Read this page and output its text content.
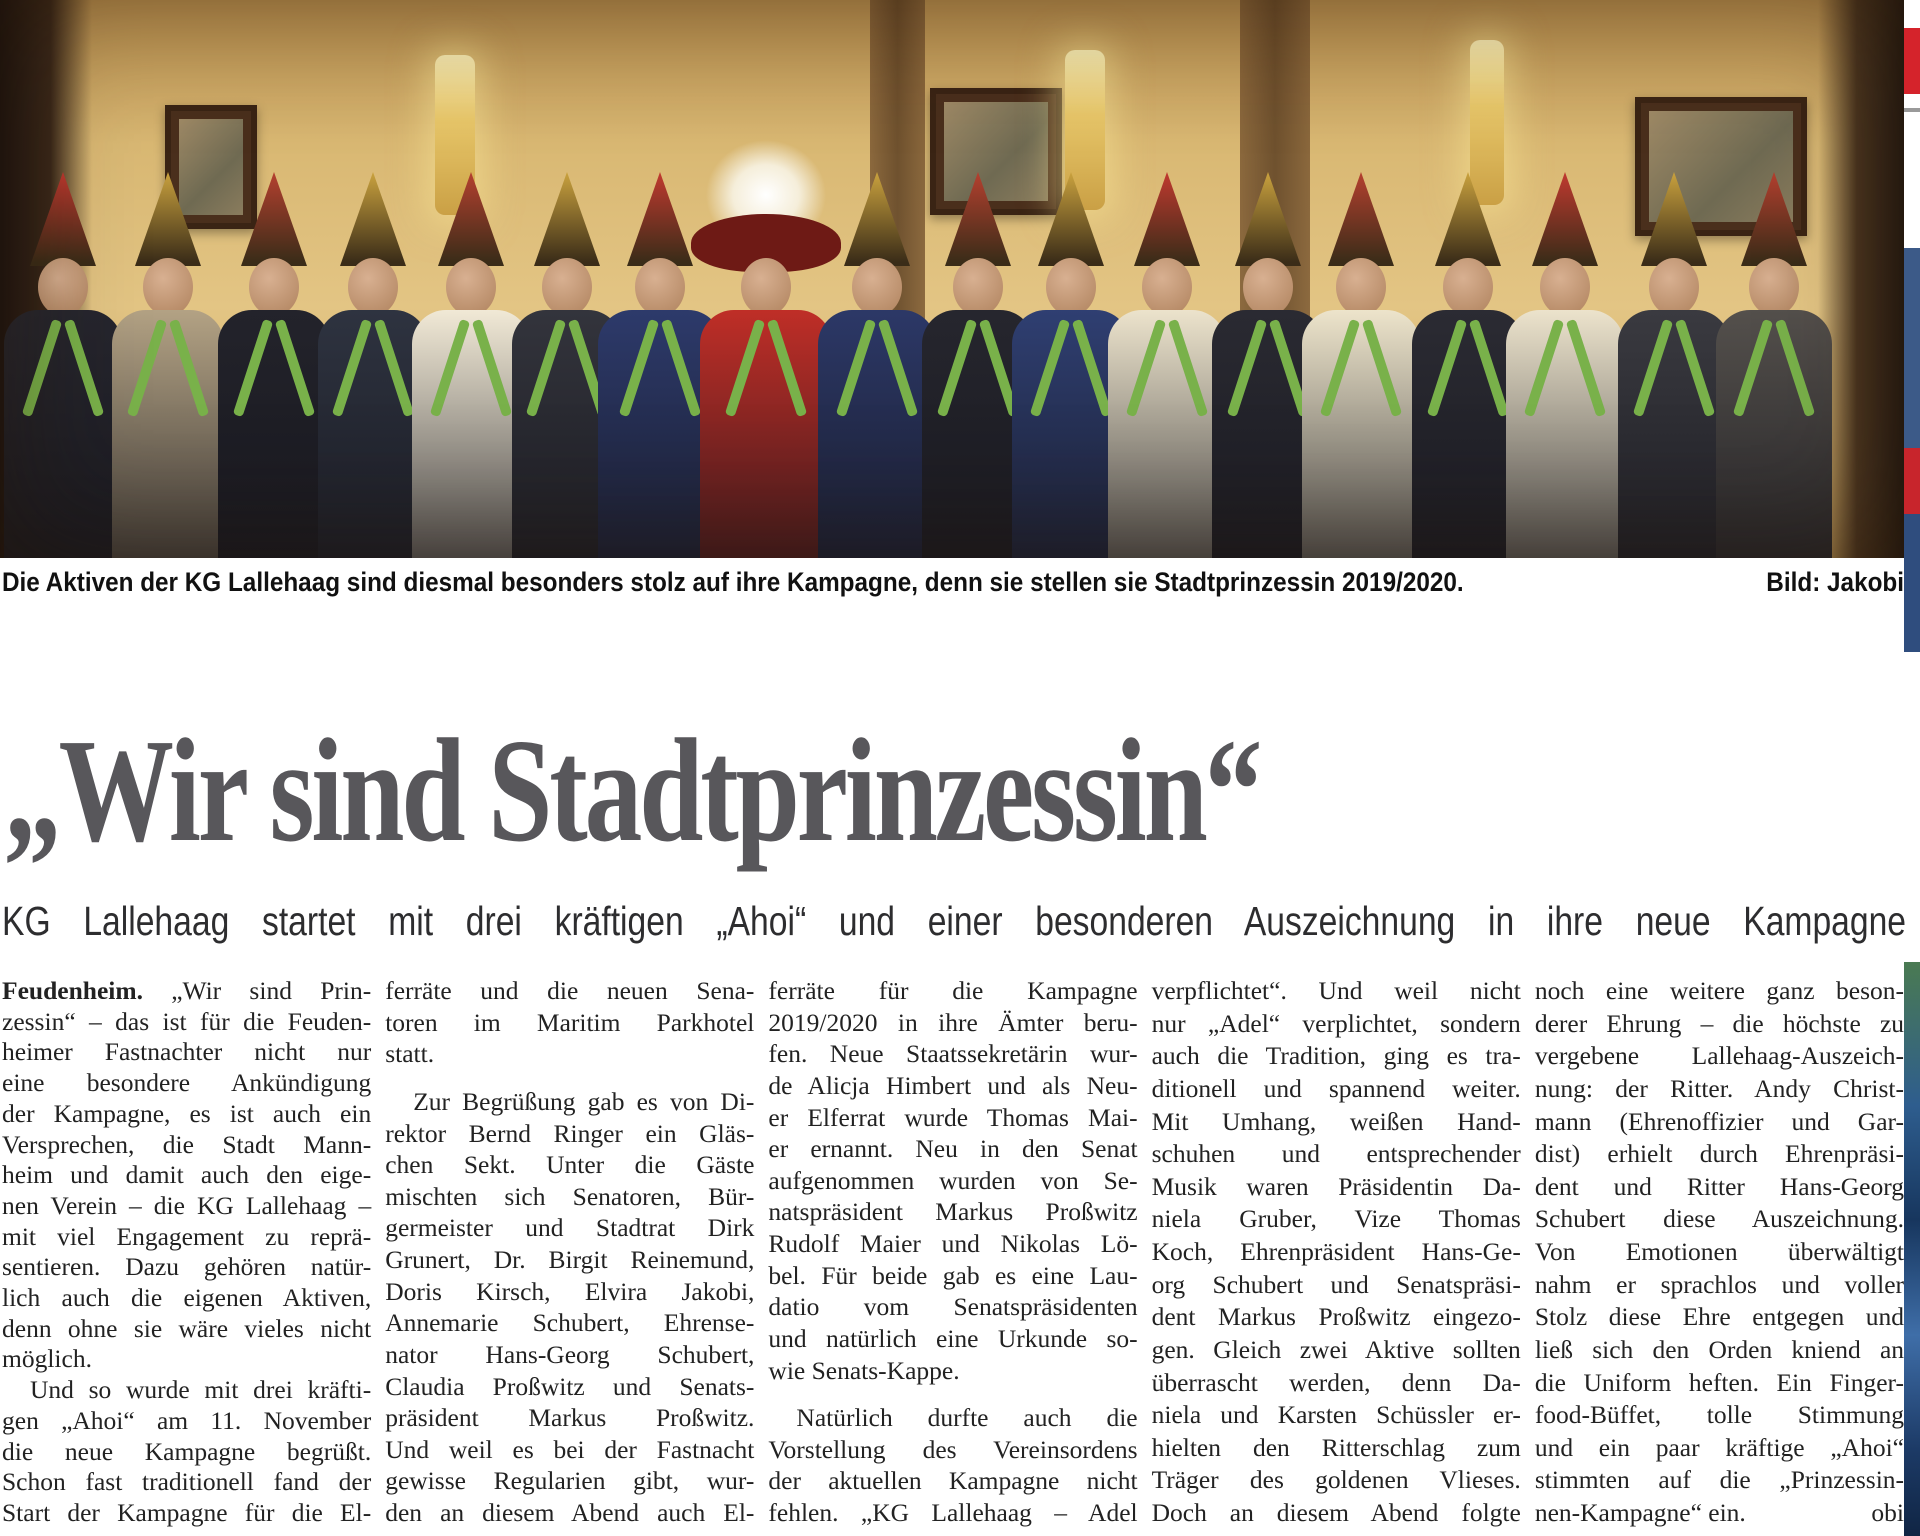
Die Aktiven der KG Lallehaag sind diesmal besonders stolz auf ihre Kampagne, denn sie stellen sie Stadtprinzessin 2019/2020.	Bild: Jakobi
„Wir sind Stadtprinzessin“
KG Lallehaag startet mit drei kräftigen „Ahoi“ und einer besonderen Auszeichnung in ihre neue Kampagne
Feudenheim. „Wir sind Prin-
zessin“ – das ist für die Feuden-
heimer Fastnachter nicht nur
eine besondere Ankündigung
der Kampagne, es ist auch ein
Versprechen, die Stadt Mann-
heim und damit auch den eige-
nen Verein – die KG Lallehaag –
mit viel Engagement zu reprä-
sentieren. Dazu gehören natür-
lich auch die eigenen Aktiven,
denn ohne sie wäre vieles nicht
möglich.
Und so wurde mit drei kräfti-
gen „Ahoi“ am 11. November
die neue Kampagne begrüßt.
Schon fast traditionell fand der
Start der Kampagne für die El-
ferräte und die neuen Sena-
toren im Maritim Parkhotel
statt.
Zur Begrüßung gab es von Di-
rektor Bernd Ringer ein Gläs-
chen Sekt. Unter die Gäste
mischten sich Senatoren, Bür-
germeister und Stadtrat Dirk
Grunert, Dr. Birgit Reinemund,
Doris Kirsch, Elvira Jakobi,
Annemarie Schubert, Ehrense-
nator Hans-Georg Schubert,
Claudia Proßwitz und Senats-
präsident Markus Proßwitz.
Und weil es bei der Fastnacht
gewisse Regularien gibt, wur-
den an diesem Abend auch El-
ferräte für die Kampagne
2019/2020 in ihre Ämter beru-
fen. Neue Staatssekretärin wur-
de Alicja Himbert und als Neu-
er Elferrat wurde Thomas Mai-
er ernannt. Neu in den Senat
aufgenommen wurden von Se-
natspräsident Markus Proßwitz
Rudolf Maier und Nikolas Lö-
bel. Für beide gab es eine Lau-
datio vom Senatspräsidenten
und natürlich eine Urkunde so-
wie Senats-Kappe.
Natürlich durfte auch die
Vorstellung des Vereinsordens
der aktuellen Kampagne nicht
fehlen. „KG Lallehaag – Adel
verpflichtet“. Und weil nicht
nur „Adel“ verplichtet, sondern
auch die Tradition, ging es tra-
ditionell und spannend weiter.
Mit Umhang, weißen Hand-
schuhen und entsprechender
Musik waren Präsidentin Da-
niela Gruber, Vize Thomas
Koch, Ehrenpräsident Hans-Ge-
org Schubert und Senatspräsi-
dent Markus Proßwitz eingezo-
gen. Gleich zwei Aktive sollten
überrascht werden, denn Da-
niela und Karsten Schüssler er-
hielten den Ritterschlag zum
Träger des goldenen Vlieses.
Doch an diesem Abend folgte
noch eine weitere ganz beson-
derer Ehrung – die höchste zu
vergebene Lallehaag-Auszeich-
nung: der Ritter. Andy Christ-
mann (Ehrenoffizier und Gar-
dist) erhielt durch Ehrenpräsi-
dent und Ritter Hans-Georg
Schubert diese Auszeichnung.
Von Emotionen überwältigt
nahm er sprachlos und voller
Stolz diese Ehre entgegen und
ließ sich den Orden kniend an
die Uniform heften. Ein Finger-
food-Büffet, tolle Stimmung
und ein paar kräftige „Ahoi“
stimmten auf die „Prinzessin-
nen-Kampagne“ ein.	obi
